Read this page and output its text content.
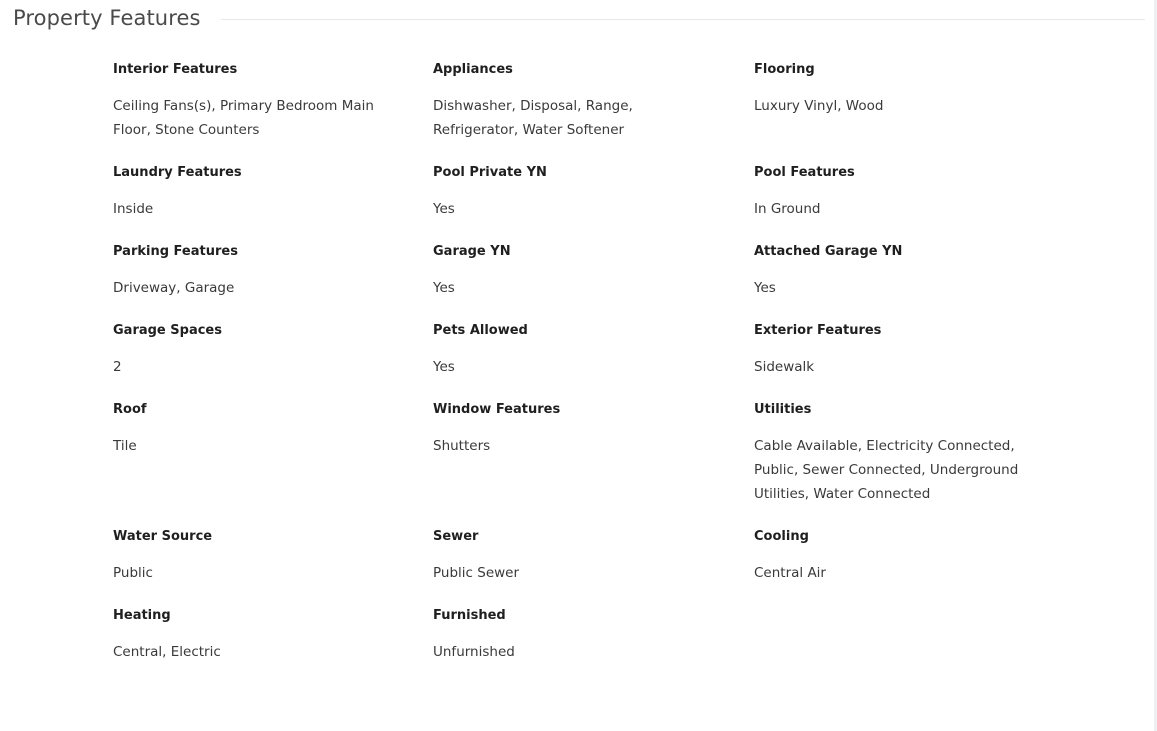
Property Features
Interior Features
Ceiling Fans(s), Primary Bedroom Main Floor, Stone Counters
Appliances
Dishwasher, Disposal, Range, Refrigerator, Water Softener
Flooring
Luxury Vinyl, Wood
Laundry Features
Inside
Pool Private YN
Yes
Pool Features
In Ground
Parking Features
Driveway, Garage
Garage YN
Yes
Attached Garage YN
Yes
Garage Spaces
2
Pets Allowed
Yes
Exterior Features
Sidewalk
Roof
Tile
Window Features
Shutters
Utilities
Cable Available, Electricity Connected, Public, Sewer Connected, Underground Utilities, Water Connected
Water Source
Public
Sewer
Public Sewer
Cooling
Central Air
Heating
Central, Electric
Furnished
Unfurnished
